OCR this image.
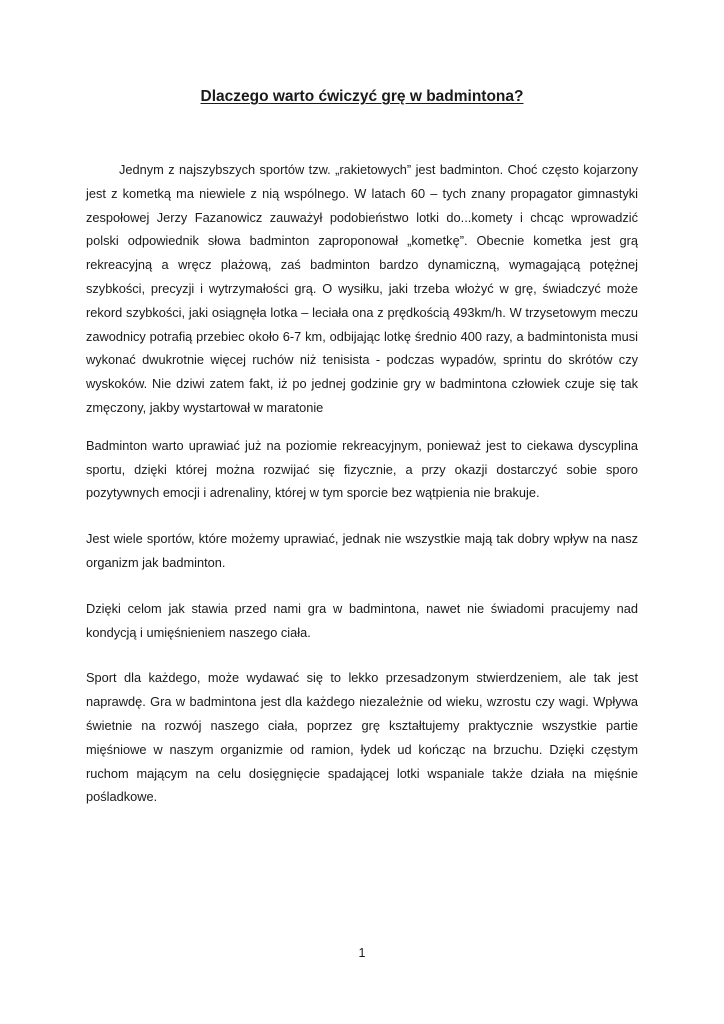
Dlaczego warto ćwiczyć grę w badmintona?

Jednym z najszybszych sportów tzw. „rakietowych” jest badminton. Choć często kojarzony jest z kometką ma niewiele z nią wspólnego. W latach 60 – tych znany propagator gimnastyki zespołowej Jerzy Fazanowicz zauważył podobieństwo lotki do...komety i chcąc wprowadzić polski odpowiednik słowa badminton zaproponował „kometkę”. Obecnie kometka jest grą rekreacyjną a wręcz plażową, zaś badminton bardzo dynamiczną, wymagającą potężnej szybkości, precyzji i wytrzymałości grą. O wysiłku, jaki trzeba włożyć w grę, świadczyć może rekord szybkości, jaki osiągnęła lotka – leciała ona z prędkością 493km/h. W trzysetowym meczu zawodnicy potrafią przebiec około 6-7 km, odbijając lotkę średnio 400 razy, a badmintonista musi wykonać dwukrotnie więcej ruchów niż tenisista - podczas wypadów, sprintu do skrótów czy wyskoków. Nie dziwi zatem fakt, iż po jednej godzinie gry w badmintona człowiek czuje się tak zmęczony, jakby wystartował w maratonie

Badminton warto uprawiać już na poziomie rekreacyjnym, ponieważ jest to ciekawa dyscyplina sportu, dzięki której można rozwijać się fizycznie, a przy okazji dostarczyć sobie sporo pozytywnych emocji i adrenaliny, której w tym sporcie bez wątpienia nie brakuje.

Jest wiele sportów, które możemy uprawiać, jednak nie wszystkie mają tak dobry wpływ na nasz organizm jak badminton.

Dzięki celom jak stawia przed nami gra w badmintona, nawet nie świadomi pracujemy nad kondycją i umięśnieniem naszego ciała.

Sport dla każdego, może wydawać się to lekko przesadzonym stwierdzeniem, ale tak jest naprawdę. Gra w badmintona jest dla każdego niezależnie od wieku, wzrostu czy wagi. Wpływa świetnie na rozwój naszego ciała, poprzez grę kształtujemy praktycznie wszystkie partie mięśniowe w naszym organizmie od ramion, łydek ud kończąc na brzuchu. Dzięki częstym ruchom mającym na celu dosięgnięcie spadającej lotki wspaniale także działa na mięśnie pośladkowe.

1
